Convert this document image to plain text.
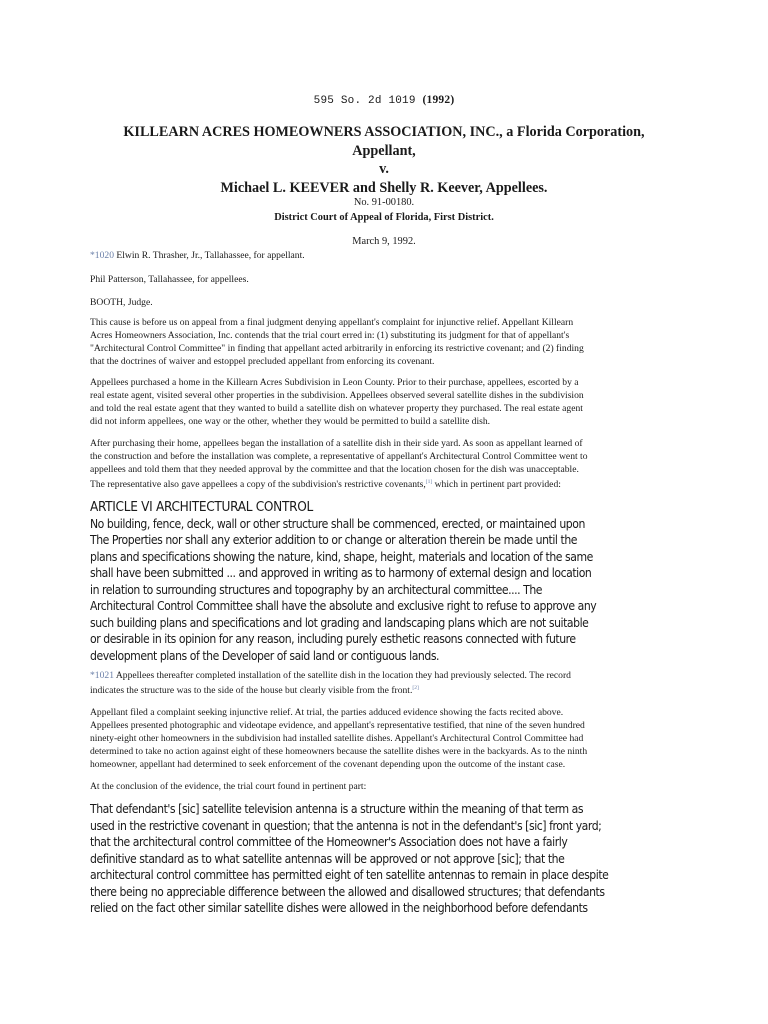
595 So. 2d 1019 (1992)
KILLEARN ACRES HOMEOWNERS ASSOCIATION, INC., a Florida Corporation,
Appellant,
v.
Michael L. KEEVER and Shelly R. Keever, Appellees.
No. 91-00180.
District Court of Appeal of Florida, First District.
March 9, 1992.
*1020 Elwin R. Thrasher, Jr., Tallahassee, for appellant.
Phil Patterson, Tallahassee, for appellees.
BOOTH, Judge.
This cause is before us on appeal from a final judgment denying appellant's complaint for injunctive relief. Appellant Killearn
Acres Homeowners Association, Inc. contends that the trial court erred in: (1) substituting its judgment for that of appellant's
"Architectural Control Committee" in finding that appellant acted arbitrarily in enforcing its restrictive covenant; and (2) finding
that the doctrines of waiver and estoppel precluded appellant from enforcing its covenant.
Appellees purchased a home in the Killearn Acres Subdivision in Leon County. Prior to their purchase, appellees, escorted by a
real estate agent, visited several other properties in the subdivision. Appellees observed several satellite dishes in the subdivision
and told the real estate agent that they wanted to build a satellite dish on whatever property they purchased. The real estate agent
did not inform appellees, one way or the other, whether they would be permitted to build a satellite dish.
After purchasing their home, appellees began the installation of a satellite dish in their side yard. As soon as appellant learned of
the construction and before the installation was complete, a representative of appellant's Architectural Control Committee went to
appellees and told them that they needed approval by the committee and that the location chosen for the dish was unacceptable.
The representative also gave appellees a copy of the subdivision's restrictive covenants,[1] which in pertinent part provided:
ARTICLE VI ARCHITECTURAL CONTROL
No building, fence, deck, wall or other structure shall be commenced, erected, or maintained upon
The Properties nor shall any exterior addition to or change or alteration therein be made until the
plans and specifications showing the nature, kind, shape, height, materials and location of the same
shall have been submitted ... and approved in writing as to harmony of external design and location
in relation to surrounding structures and topography by an architectural committee.... The
Architectural Control Committee shall have the absolute and exclusive right to refuse to approve any
such building plans and specifications and lot grading and landscaping plans which are not suitable
or desirable in its opinion for any reason, including purely esthetic reasons connected with future
development plans of the Developer of said land or contiguous lands.
*1021 Appellees thereafter completed installation of the satellite dish in the location they had previously selected. The record
indicates the structure was to the side of the house but clearly visible from the front.[2]
Appellant filed a complaint seeking injunctive relief. At trial, the parties adduced evidence showing the facts recited above.
Appellees presented photographic and videotape evidence, and appellant's representative testified, that nine of the seven hundred
ninety-eight other homeowners in the subdivision had installed satellite dishes. Appellant's Architectural Control Committee had
determined to take no action against eight of these homeowners because the satellite dishes were in the backyards. As to the ninth
homeowner, appellant had determined to seek enforcement of the covenant depending upon the outcome of the instant case.
At the conclusion of the evidence, the trial court found in pertinent part:
That defendant's [sic] satellite television antenna is a structure within the meaning of that term as
used in the restrictive covenant in question; that the antenna is not in the defendant's [sic] front yard;
that the architectural control committee of the Homeowner's Association does not have a fairly
definitive standard as to what satellite antennas will be approved or not approve [sic]; that the
architectural control committee has permitted eight of ten satellite antennas to remain in place despite
there being no appreciable difference between the allowed and disallowed structures; that defendants
relied on the fact other similar satellite dishes were allowed in the neighborhood before defendants
